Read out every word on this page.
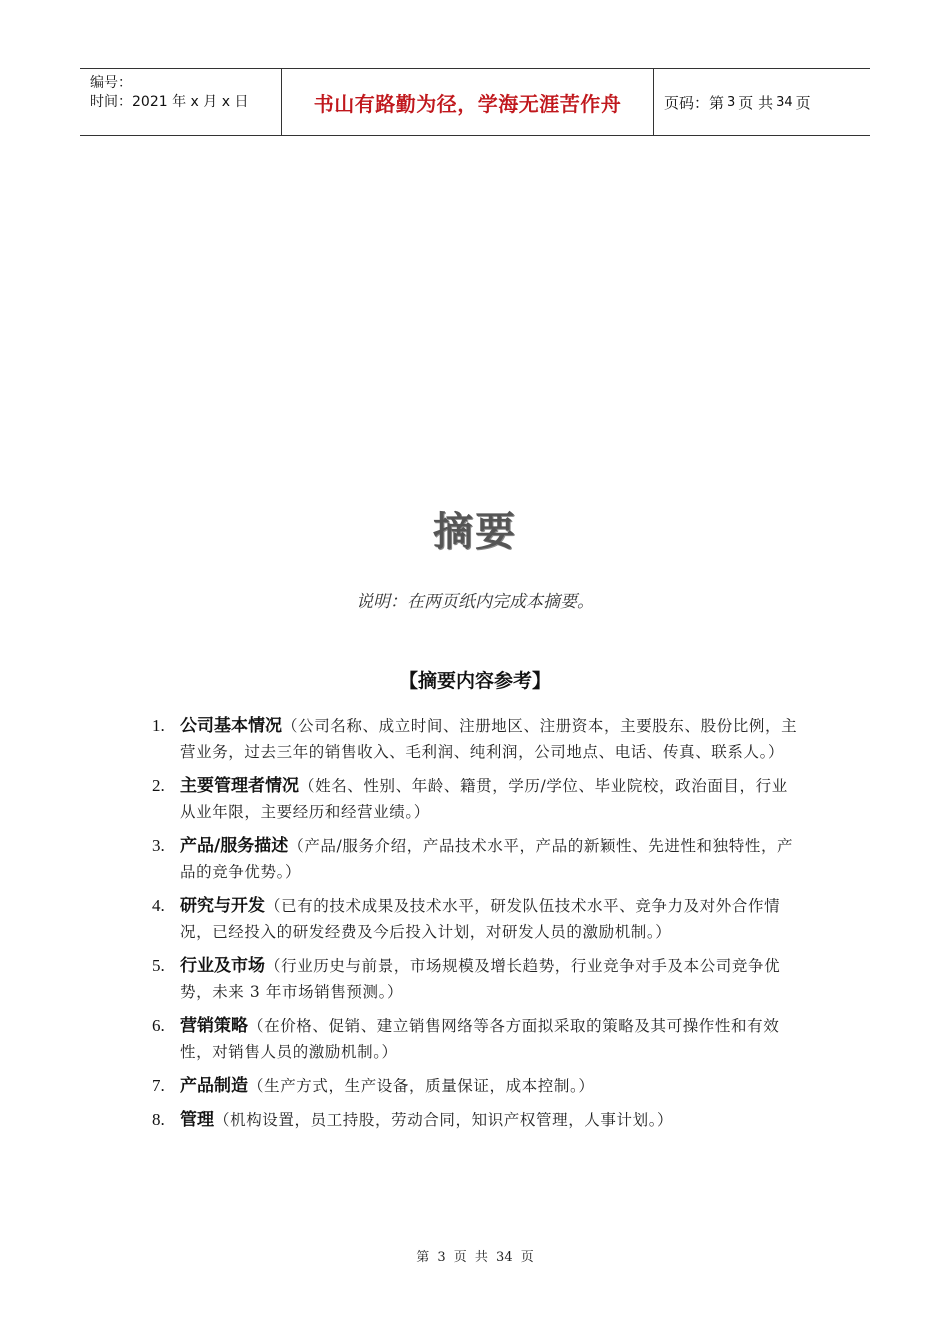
编号：
时间：2021 年 x 月 x 日	书山有路勤为径，学海无涯苦作舟	页码：第 3 页 共 34 页
摘要
说明：在两页纸内完成本摘要。
【摘要内容参考】
1. 公司基本情况（公司名称、成立时间、注册地区、注册资本，主要股东、股份比例，主营业务，过去三年的销售收入、毛利润、纯利润，公司地点、电话、传真、联系人。）
2. 主要管理者情况（姓名、性别、年龄、籍贯，学历/学位、毕业院校，政治面目，行业从业年限，主要经历和经营业绩。）
3. 产品/服务描述（产品/服务介绍，产品技术水平，产品的新颖性、先进性和独特性，产品的竞争优势。）
4. 研究与开发（已有的技术成果及技术水平，研发队伍技术水平、竞争力及对外合作情况，已经投入的研发经费及今后投入计划，对研发人员的激励机制。）
5. 行业及市场（行业历史与前景，市场规模及增长趋势，行业竞争对手及本公司竞争优势，未来 3 年市场销售预测。）
6. 营销策略（在价格、促销、建立销售网络等各方面拟采取的策略及其可操作性和有效性，对销售人员的激励机制。）
7. 产品制造（生产方式，生产设备，质量保证，成本控制。）
8. 管理（机构设置，员工持股，劳动合同，知识产权管理，人事计划。）
第 3 页 共 34 页
